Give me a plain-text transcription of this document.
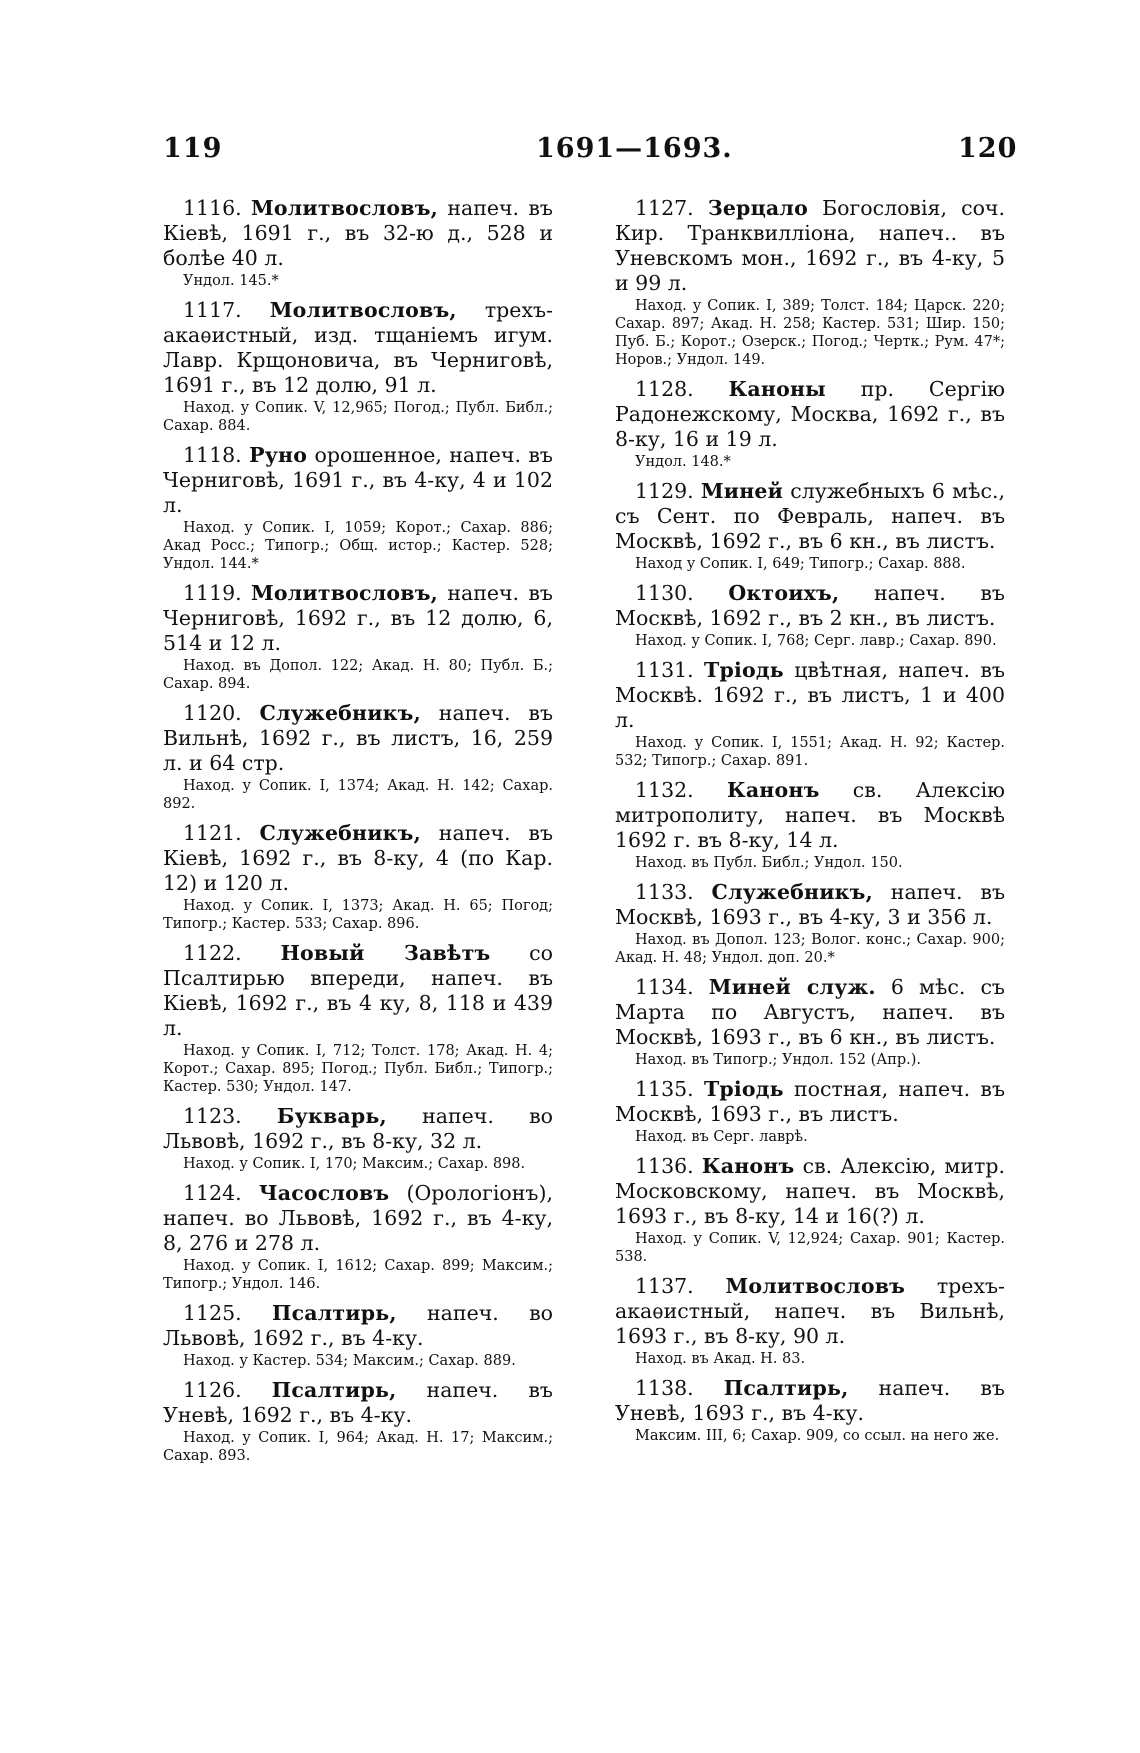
119	1691—1693.	120

1116. Молитвословъ, напеч. въ Кіевѣ, 1691 г., въ 32-ю д., 528 и болѣе 40 л.

Ундол. 145.*

1117. Молитвословъ, трехъ-акаѳистный, изд. тщаніемъ игум. Лавр. Крщоновича, въ Черниговѣ, 1691 г., въ 12 долю, 91 л.

Наход. у Сопик. V, 12,965; Погод.; Публ. Библ.; Сахар. 884.

1118. Руно орошенное, напеч. въ Черниговѣ, 1691 г., въ 4-ку, 4 и 102 л.

Наход. у Сопик. I, 1059; Корот.; Сахар. 886; Акад Росс.; Типогр.; Общ. истор.; Кастер. 528; Ундол. 144.*

1119. Молитвословъ, напеч. въ Черниговѣ, 1692 г., въ 12 долю, 6, 514 и 12 л.

Наход. въ Допол. 122; Акад. Н. 80; Публ. Б.; Сахар. 894.

1120. Служебникъ, напеч. въ Вильнѣ, 1692 г., въ листъ, 16, 259 л. и 64 стр.

Наход. у Сопик. I, 1374; Акад. Н. 142; Сахар. 892.

1121. Служебникъ, напеч. въ Кіевѣ, 1692 г., въ 8-ку, 4 (по Кар. 12) и 120 л.

Наход. у Сопик. I, 1373; Акад. Н. 65; Погод; Типогр.; Кастер. 533; Сахар. 896.

1122. Новый Завѣтъ со Псалтирью впереди, напеч. въ Кіевѣ, 1692 г., въ 4 ку, 8, 118 и 439 л.

Наход. у Сопик. I, 712; Толст. 178; Акад. Н. 4; Корот.; Сахар. 895; Погод.; Публ. Библ.; Типогр.; Кастер. 530; Ундол. 147.

1123. Букварь, напеч. во Львовѣ, 1692 г., въ 8-ку, 32 л.

Наход. у Сопик. I, 170; Максим.; Сахар. 898.

1124. Часословъ (Орологіонъ), напеч. во Львовѣ, 1692 г., въ 4-ку, 8, 276 и 278 л.

Наход. у Сопик. I, 1612; Сахар. 899; Максим.; Типогр.; Ундол. 146.

1125. Псалтирь, напеч. во Львовѣ, 1692 г., въ 4-ку.

Наход. у Кастер. 534; Максим.; Сахар. 889.

1126. Псалтирь, напеч. въ Уневѣ, 1692 г., въ 4-ку.

Наход. у Сопик. I, 964; Акад. Н. 17; Максим.; Сахар. 893.

1127. Зерцало Богословія, соч. Кир. Транквилліона, напеч.. въ Уневскомъ мон., 1692 г., въ 4-ку, 5 и 99 л.

Наход. у Сопик. I, 389; Толст. 184; Царск. 220; Сахар. 897; Акад. Н. 258; Кастер. 531; Шир. 150; Пуб. Б.; Корот.; Озерск.; Погод.; Чертк.; Рум. 47*; Норов.; Ундол. 149.

1128. Каноны пр. Сергію Радонежскому, Москва, 1692 г., въ 8-ку, 16 и 19 л.

Ундол. 148.*

1129. Миней служебныхъ 6 мѣс., съ Сент. по Февраль, напеч. въ Москвѣ, 1692 г., въ 6 кн., въ листъ.

Наход у Сопик. I, 649; Типогр.; Сахар. 888.

1130. Октоихъ, напеч. въ Москвѣ, 1692 г., въ 2 кн., въ листъ.

Наход. у Сопик. I, 768; Серг. лавр.; Сахар. 890.

1131. Тріодь цвѣтная, напеч. въ Москвѣ. 1692 г., въ листъ, 1 и 400 л.

Наход. у Сопик. I, 1551; Акад. Н. 92; Кастер. 532; Типогр.; Сахар. 891.

1132. Канонъ св. Алексію митрополиту, напеч. въ Москвѣ 1692 г. въ 8-ку, 14 л.

Наход. въ Публ. Библ.; Ундол. 150.

1133. Служебникъ, напеч. въ Москвѣ, 1693 г., въ 4-ку, 3 и 356 л.

Наход. въ Допол. 123; Волог. конс.; Сахар. 900; Акад. Н. 48; Ундол. доп. 20.*

1134. Миней служ. 6 мѣс. съ Марта по Августъ, напеч. въ Москвѣ, 1693 г., въ 6 кн., въ листъ.

Наход. въ Типогр.; Ундол. 152 (Апр.).

1135. Тріодь постная, напеч. въ Москвѣ, 1693 г., въ листъ.

Наход. въ Серг. лаврѣ.

1136. Канонъ св. Алексію, митр. Московскому, напеч. въ Москвѣ, 1693 г., въ 8-ку, 14 и 16(?) л.

Наход. у Сопик. V, 12,924; Сахар. 901; Кастер. 538.

1137. Молитвословъ трехъ-акаѳистный, напеч. въ Вильнѣ, 1693 г., въ 8-ку, 90 л.

Наход. въ Акад. Н. 83.

1138. Псалтирь, напеч. въ Уневѣ, 1693 г., въ 4-ку.

Максим. III, 6; Сахар. 909, со ссыл. на него же.
